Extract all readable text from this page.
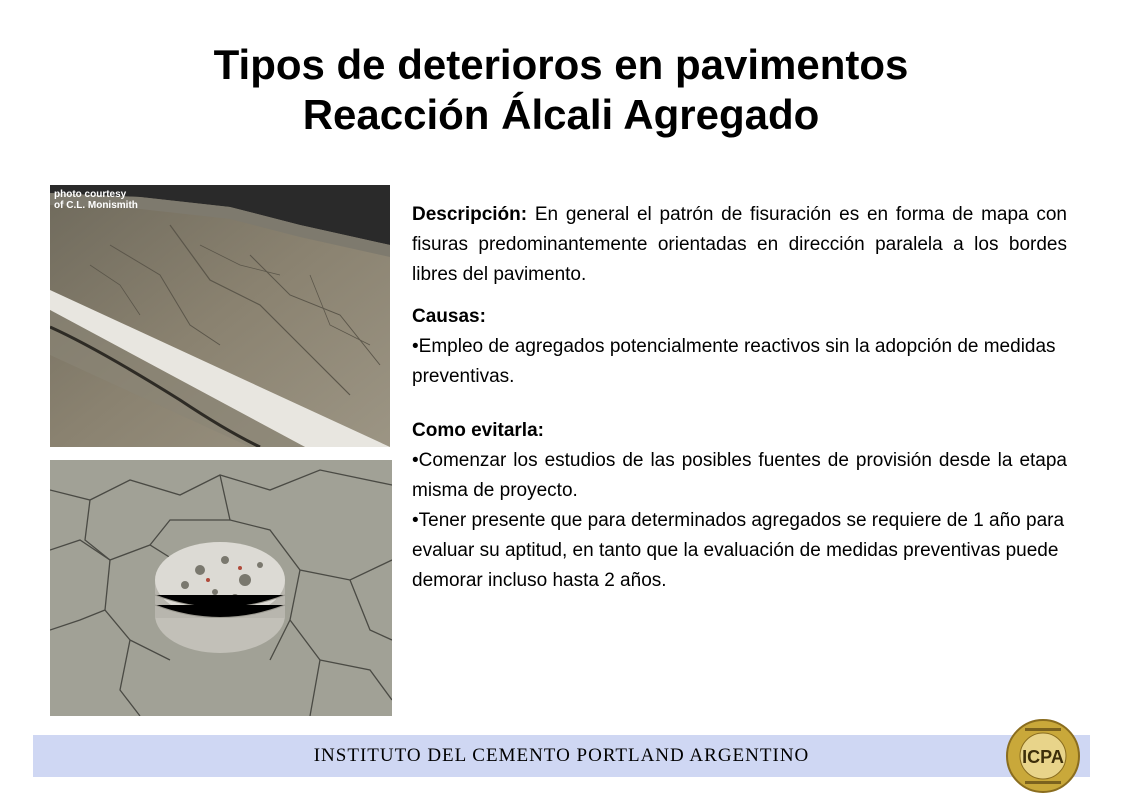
Tipos de deterioros en pavimentos
Reacción Álcali Agregado
photo courtesy
of C.L. Monismith	Descripción: En general el patrón de fisuración es en forma de mapa con fisuras predominantemente orientadas en dirección paralela a los bordes libres del pavimento.

Causas:

•Empleo de agregados potencialmente reactivos sin la adopción de medidas preventivas.

Como evitarla:

•Comenzar los estudios de las posibles fuentes de provisión desde la etapa misma de proyecto.

•Tener presente que para determinados agregados se requiere de 1 año para evaluar su aptitud, en tanto que la evaluación de medidas preventivas puede demorar incluso hasta 2 años.

INSTITUTO DEL CEMENTO PORTLAND ARGENTINO	ICPA
